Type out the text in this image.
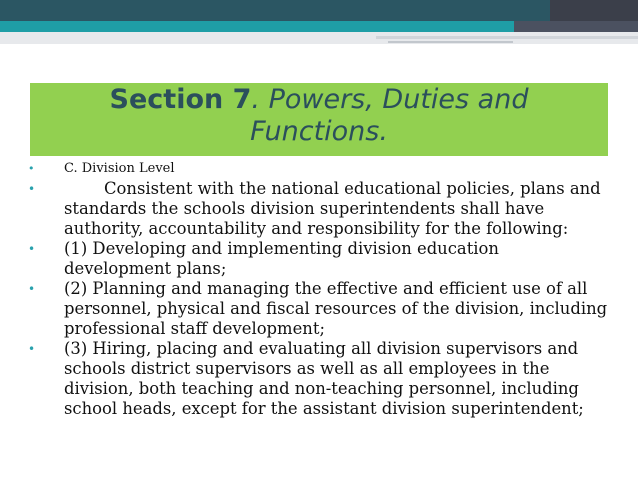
Section 7. Powers, Duties and
Functions.
•	C. Division Level
•	Consistent with the national educational policies, plans and standards the schools division superintendents shall have authority, accountability and responsibility for the following:
•	(1) Developing and implementing division education development plans;
•	(2) Planning and managing the effective and efficient use of all personnel, physical and fiscal resources of the division, including professional staff development;
•	(3) Hiring, placing and evaluating all division supervisors and schools district supervisors as well as all employees in the division, both teaching and non-teaching personnel, including school heads, except for the assistant division superintendent;
